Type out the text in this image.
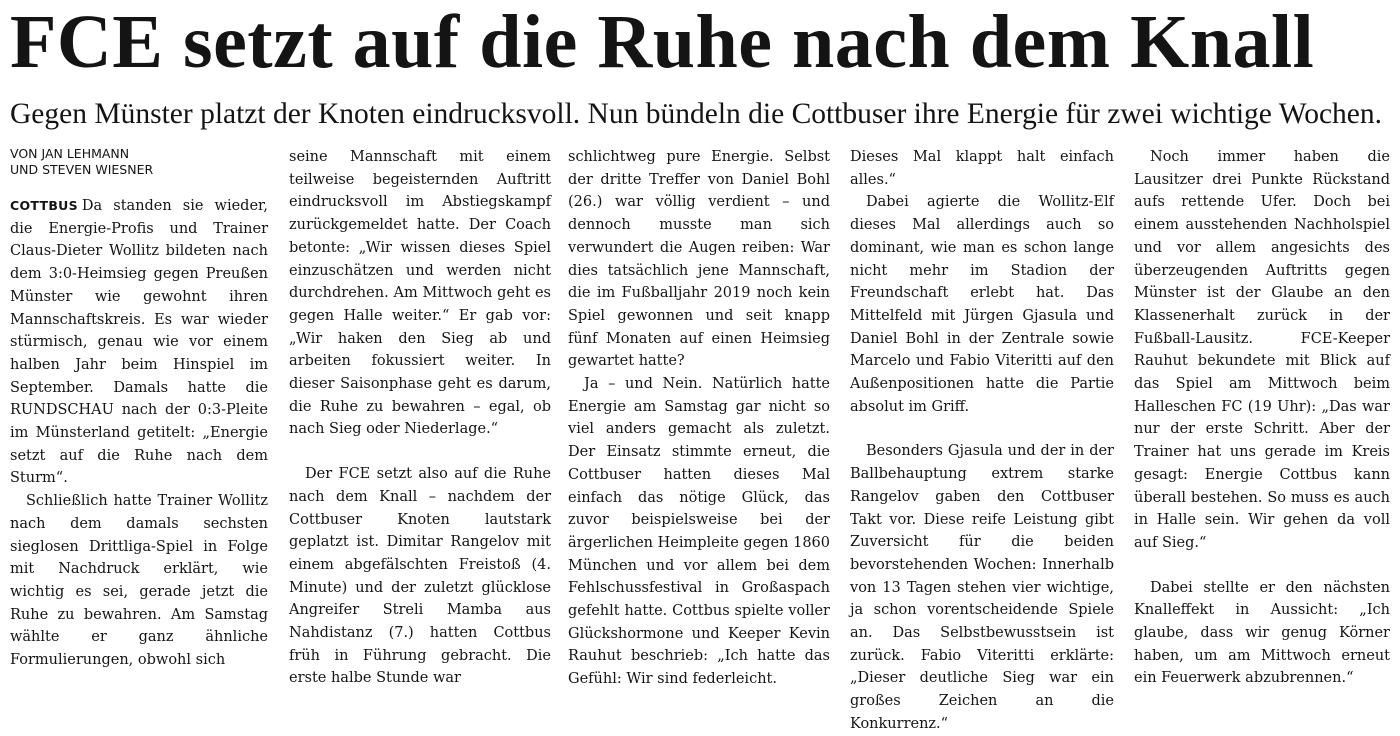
FCE setzt auf die Ruhe nach dem Knall
Gegen Münster platzt der Knoten eindrucksvoll. Nun bündeln die Cottbuser ihre Energie für zwei wichtige Wochen.
VON JAN LEHMANN
UND STEVEN WIESNER

COTTBUS Da standen sie wieder, die Energie-Profis und Trainer Claus-Dieter Wollitz bildeten nach dem 3:0-Heimsieg gegen Preußen Münster wie gewohnt ihren Mannschaftskreis. Es war wieder stürmisch, genau wie vor einem halben Jahr beim Hinspiel im September. Damals hatte die RUNDSCHAU nach der 0:3-Pleite im Münsterland getitelt: „Energie setzt auf die Ruhe nach dem Sturm“.

Schließlich hatte Trainer Wollitz nach dem damals sechsten sieglosen Drittliga-Spiel in Folge mit Nachdruck erklärt, wie wichtig es sei, gerade jetzt die Ruhe zu bewahren. Am Samstag wählte er ganz ähnliche Formulierungen, obwohl sich

seine Mannschaft mit einem teilweise begeisternden Auftritt eindrucksvoll im Abstiegskampf zurückgemeldet hatte. Der Coach betonte: „Wir wissen dieses Spiel einzuschätzen und werden nicht durchdrehen. Am Mittwoch geht es gegen Halle weiter.“ Er gab vor: „Wir haken den Sieg ab und arbeiten fokussiert weiter. In dieser Saisonphase geht es darum, die Ruhe zu bewahren – egal, ob nach Sieg oder Niederlage.“

Der FCE setzt also auf die Ruhe nach dem Knall – nachdem der Cottbuser Knoten lautstark geplatzt ist. Dimitar Rangelov mit einem abgefälschten Freistoß (4. Minute) und der zuletzt glücklose Angreifer Streli Mamba aus Nahdistanz (7.) hatten Cottbus früh in Führung gebracht. Die erste halbe Stunde war

schlichtweg pure Energie. Selbst der dritte Treffer von Daniel Bohl (26.) war völlig verdient – und dennoch musste man sich verwundert die Augen reiben: War dies tatsächlich jene Mannschaft, die im Fußballjahr 2019 noch kein Spiel gewonnen und seit knapp fünf Monaten auf einen Heimsieg gewartet hatte?

Ja – und Nein. Natürlich hatte Energie am Samstag gar nicht so viel anders gemacht als zuletzt. Der Einsatz stimmte erneut, die Cottbuser hatten dieses Mal einfach das nötige Glück, das zuvor beispielsweise bei der ärgerlichen Heimpleite gegen 1860 München und vor allem bei dem Fehlschussfestival in Großaspach gefehlt hatte. Cottbus spielte voller Glückshormone und Keeper Kevin Rauhut beschrieb: „Ich hatte das Gefühl: Wir sind federleicht.

Dieses Mal klappt halt einfach alles.“

Dabei agierte die Wollitz-Elf dieses Mal allerdings auch so dominant, wie man es schon lange nicht mehr im Stadion der Freundschaft erlebt hat. Das Mittelfeld mit Jürgen Gjasula und Daniel Bohl in der Zentrale sowie Marcelo und Fabio Viteritti auf den Außenpositionen hatte die Partie absolut im Griff.

Besonders Gjasula und der in der Ballbehauptung extrem starke Rangelov gaben den Cottbuser Takt vor. Diese reife Leistung gibt Zuversicht für die beiden bevorstehenden Wochen: Innerhalb von 13 Tagen stehen vier wichtige, ja schon vorentscheidende Spiele an. Das Selbstbewusstsein ist zurück. Fabio Viteritti erklärte: „Dieser deutliche Sieg war ein großes Zeichen an die Konkurrenz.“

Noch immer haben die Lausitzer drei Punkte Rückstand aufs rettende Ufer. Doch bei einem ausstehenden Nachholspiel und vor allem angesichts des überzeugenden Auftritts gegen Münster ist der Glaube an den Klassenerhalt zurück in der Fußball-Lausitz. FCE-Keeper Rauhut bekundete mit Blick auf das Spiel am Mittwoch beim Halleschen FC (19 Uhr): „Das war nur der erste Schritt. Aber der Trainer hat uns gerade im Kreis gesagt: Energie Cottbus kann überall bestehen. So muss es auch in Halle sein. Wir gehen da voll auf Sieg.“

Dabei stellte er den nächsten Knalleffekt in Aussicht: „Ich glaube, dass wir genug Körner haben, um am Mittwoch erneut ein Feuerwerk abzubrennen.“
